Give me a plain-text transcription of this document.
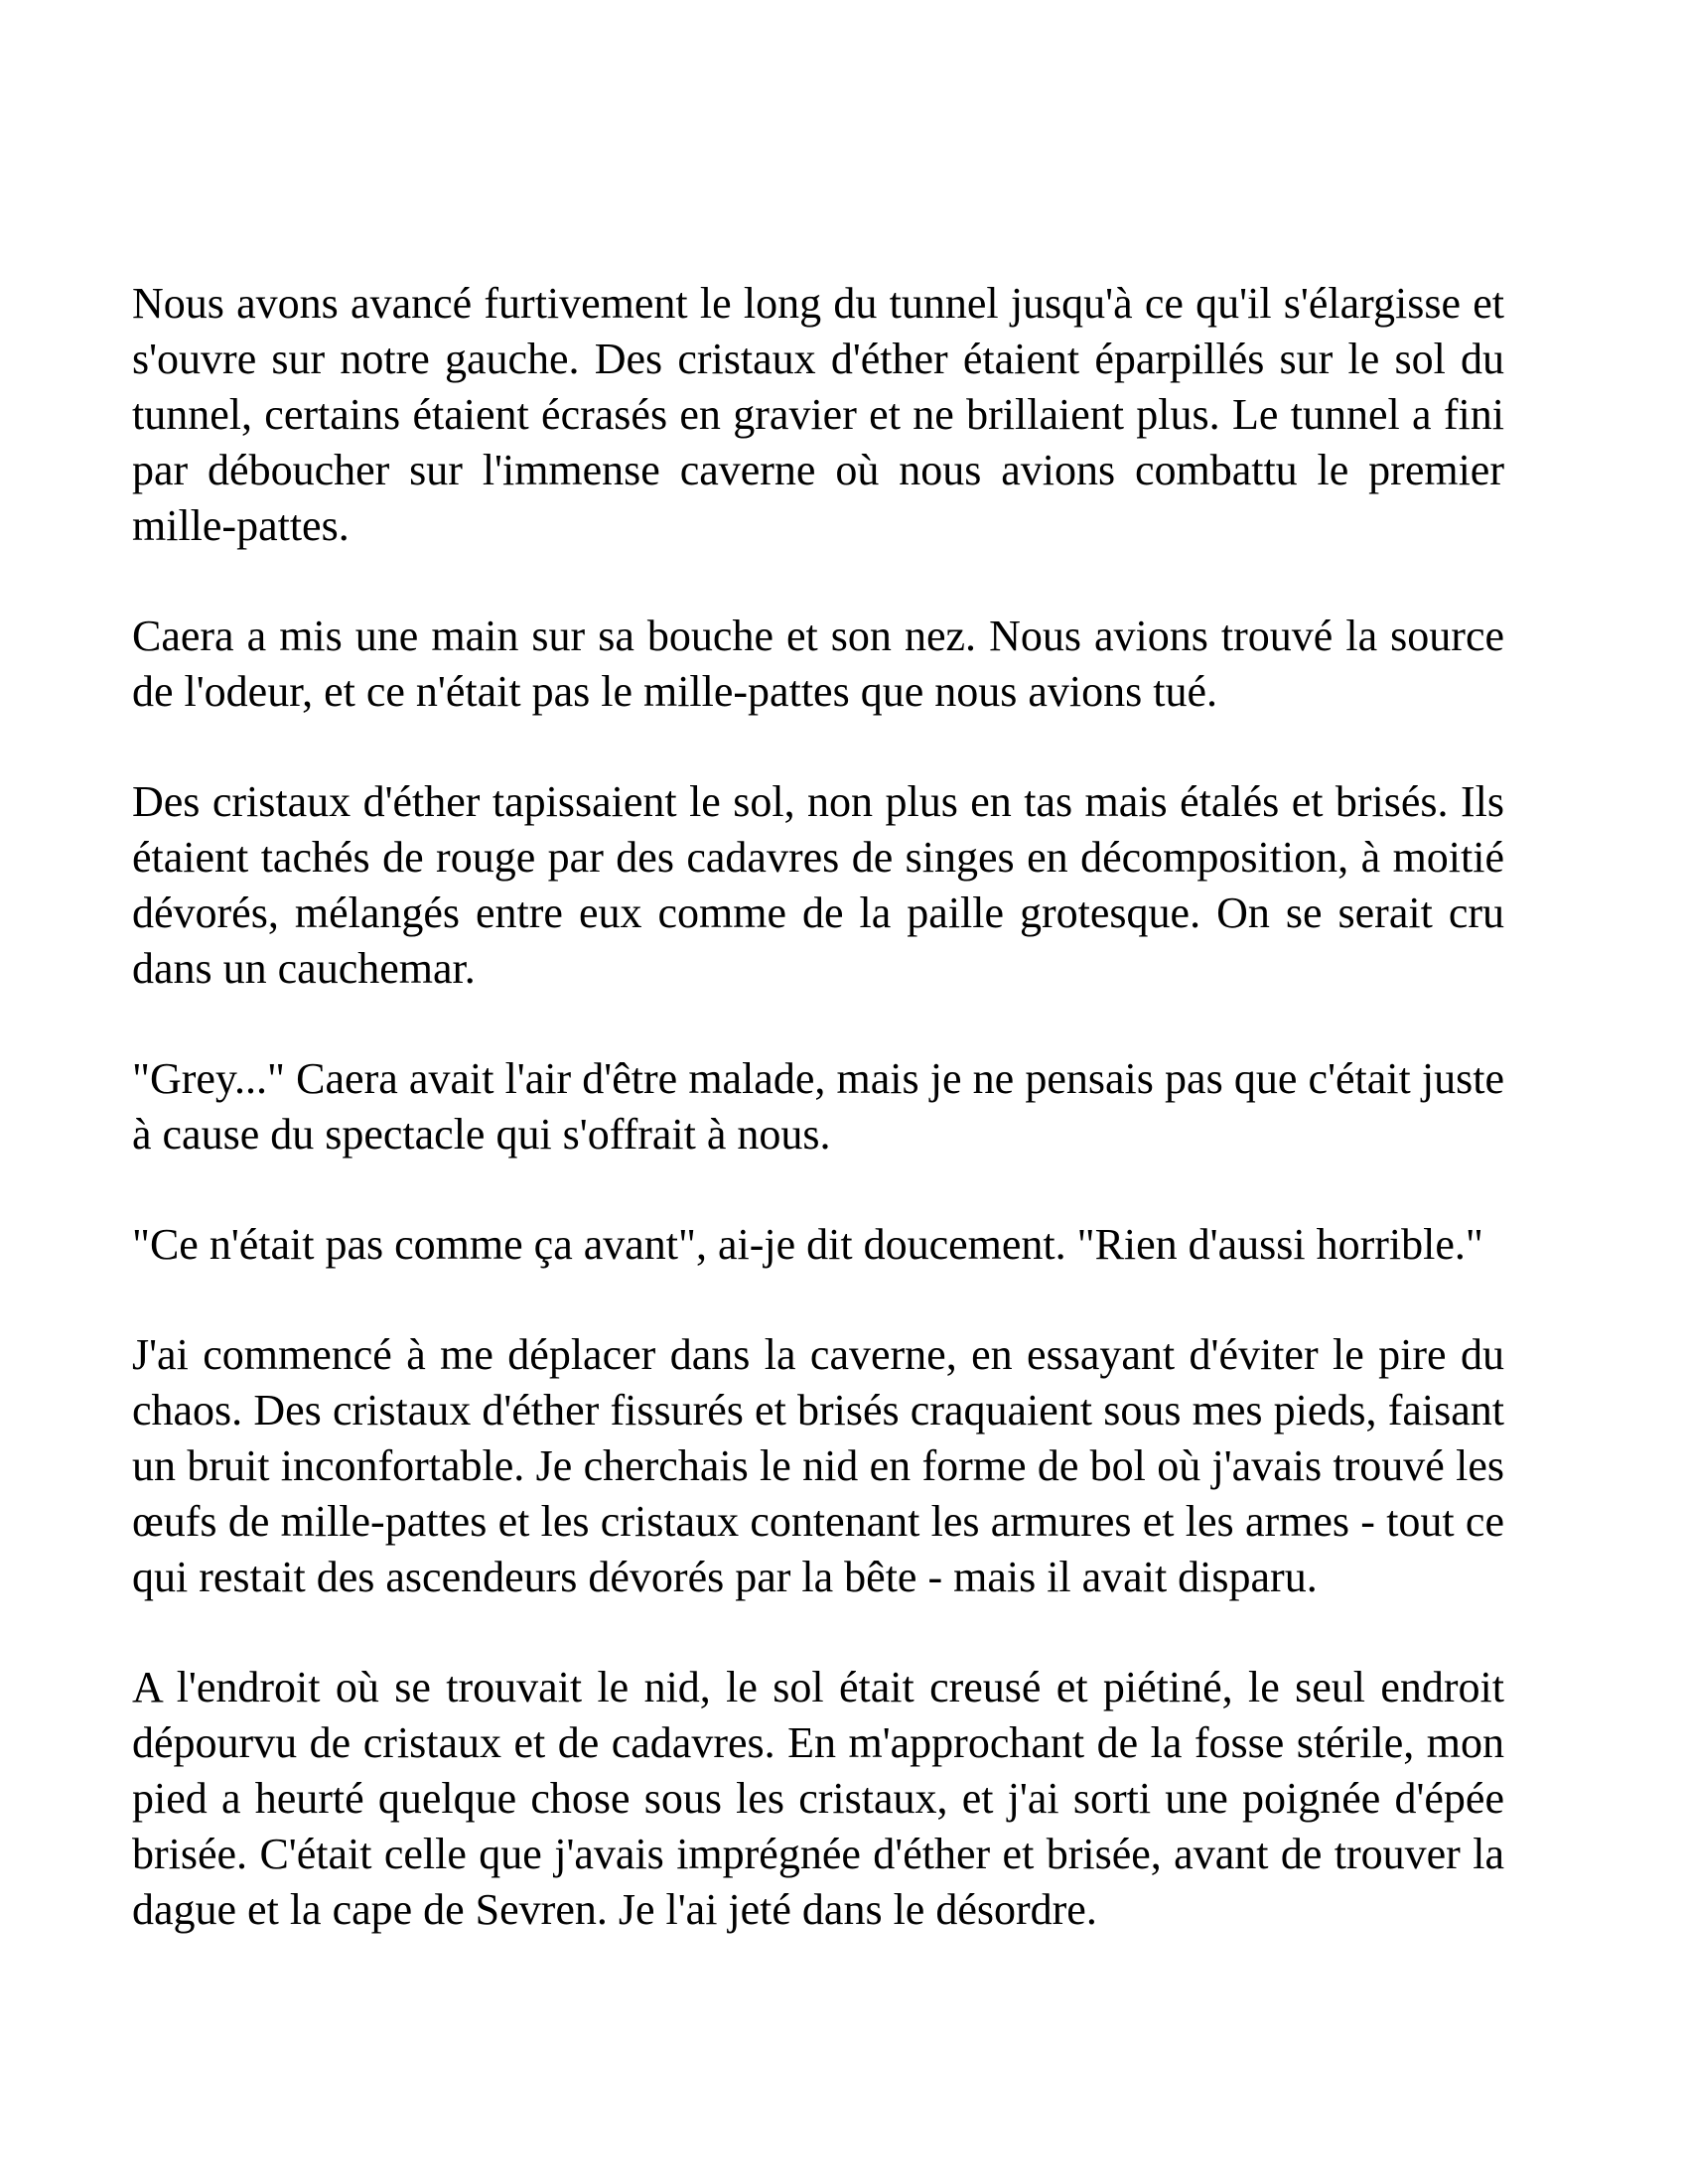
Nous avons avancé furtivement le long du tunnel jusqu'à ce qu'il s'élargisse et s'ouvre sur notre gauche. Des cristaux d'éther étaient éparpillés sur le sol du tunnel, certains étaient écrasés en gravier et ne brillaient plus. Le tunnel a fini par déboucher sur l'immense caverne où nous avions combattu le premier mille-pattes.

Caera a mis une main sur sa bouche et son nez. Nous avions trouvé la source de l'odeur, et ce n'était pas le mille-pattes que nous avions tué.

Des cristaux d'éther tapissaient le sol, non plus en tas mais étalés et brisés. Ils étaient tachés de rouge par des cadavres de singes en décomposition, à moitié dévorés, mélangés entre eux comme de la paille grotesque. On se serait cru dans un cauchemar.

"Grey..." Caera avait l'air d'être malade, mais je ne pensais pas que c'était juste à cause du spectacle qui s'offrait à nous.

"Ce n'était pas comme ça avant", ai-je dit doucement. "Rien d'aussi horrible."

J'ai commencé à me déplacer dans la caverne, en essayant d'éviter le pire du chaos. Des cristaux d'éther fissurés et brisés craquaient sous mes pieds, faisant un bruit inconfortable. Je cherchais le nid en forme de bol où j'avais trouvé les œufs de mille-pattes et les cristaux contenant les armures et les armes - tout ce qui restait des ascendeurs dévorés par la bête - mais il avait disparu.

A l'endroit où se trouvait le nid, le sol était creusé et piétiné, le seul endroit dépourvu de cristaux et de cadavres. En m'approchant de la fosse stérile, mon pied a heurté quelque chose sous les cristaux, et j'ai sorti une poignée d'épée brisée. C'était celle que j'avais imprégnée d'éther et brisée, avant de trouver la dague et la cape de Sevren. Je l'ai jeté dans le désordre.
